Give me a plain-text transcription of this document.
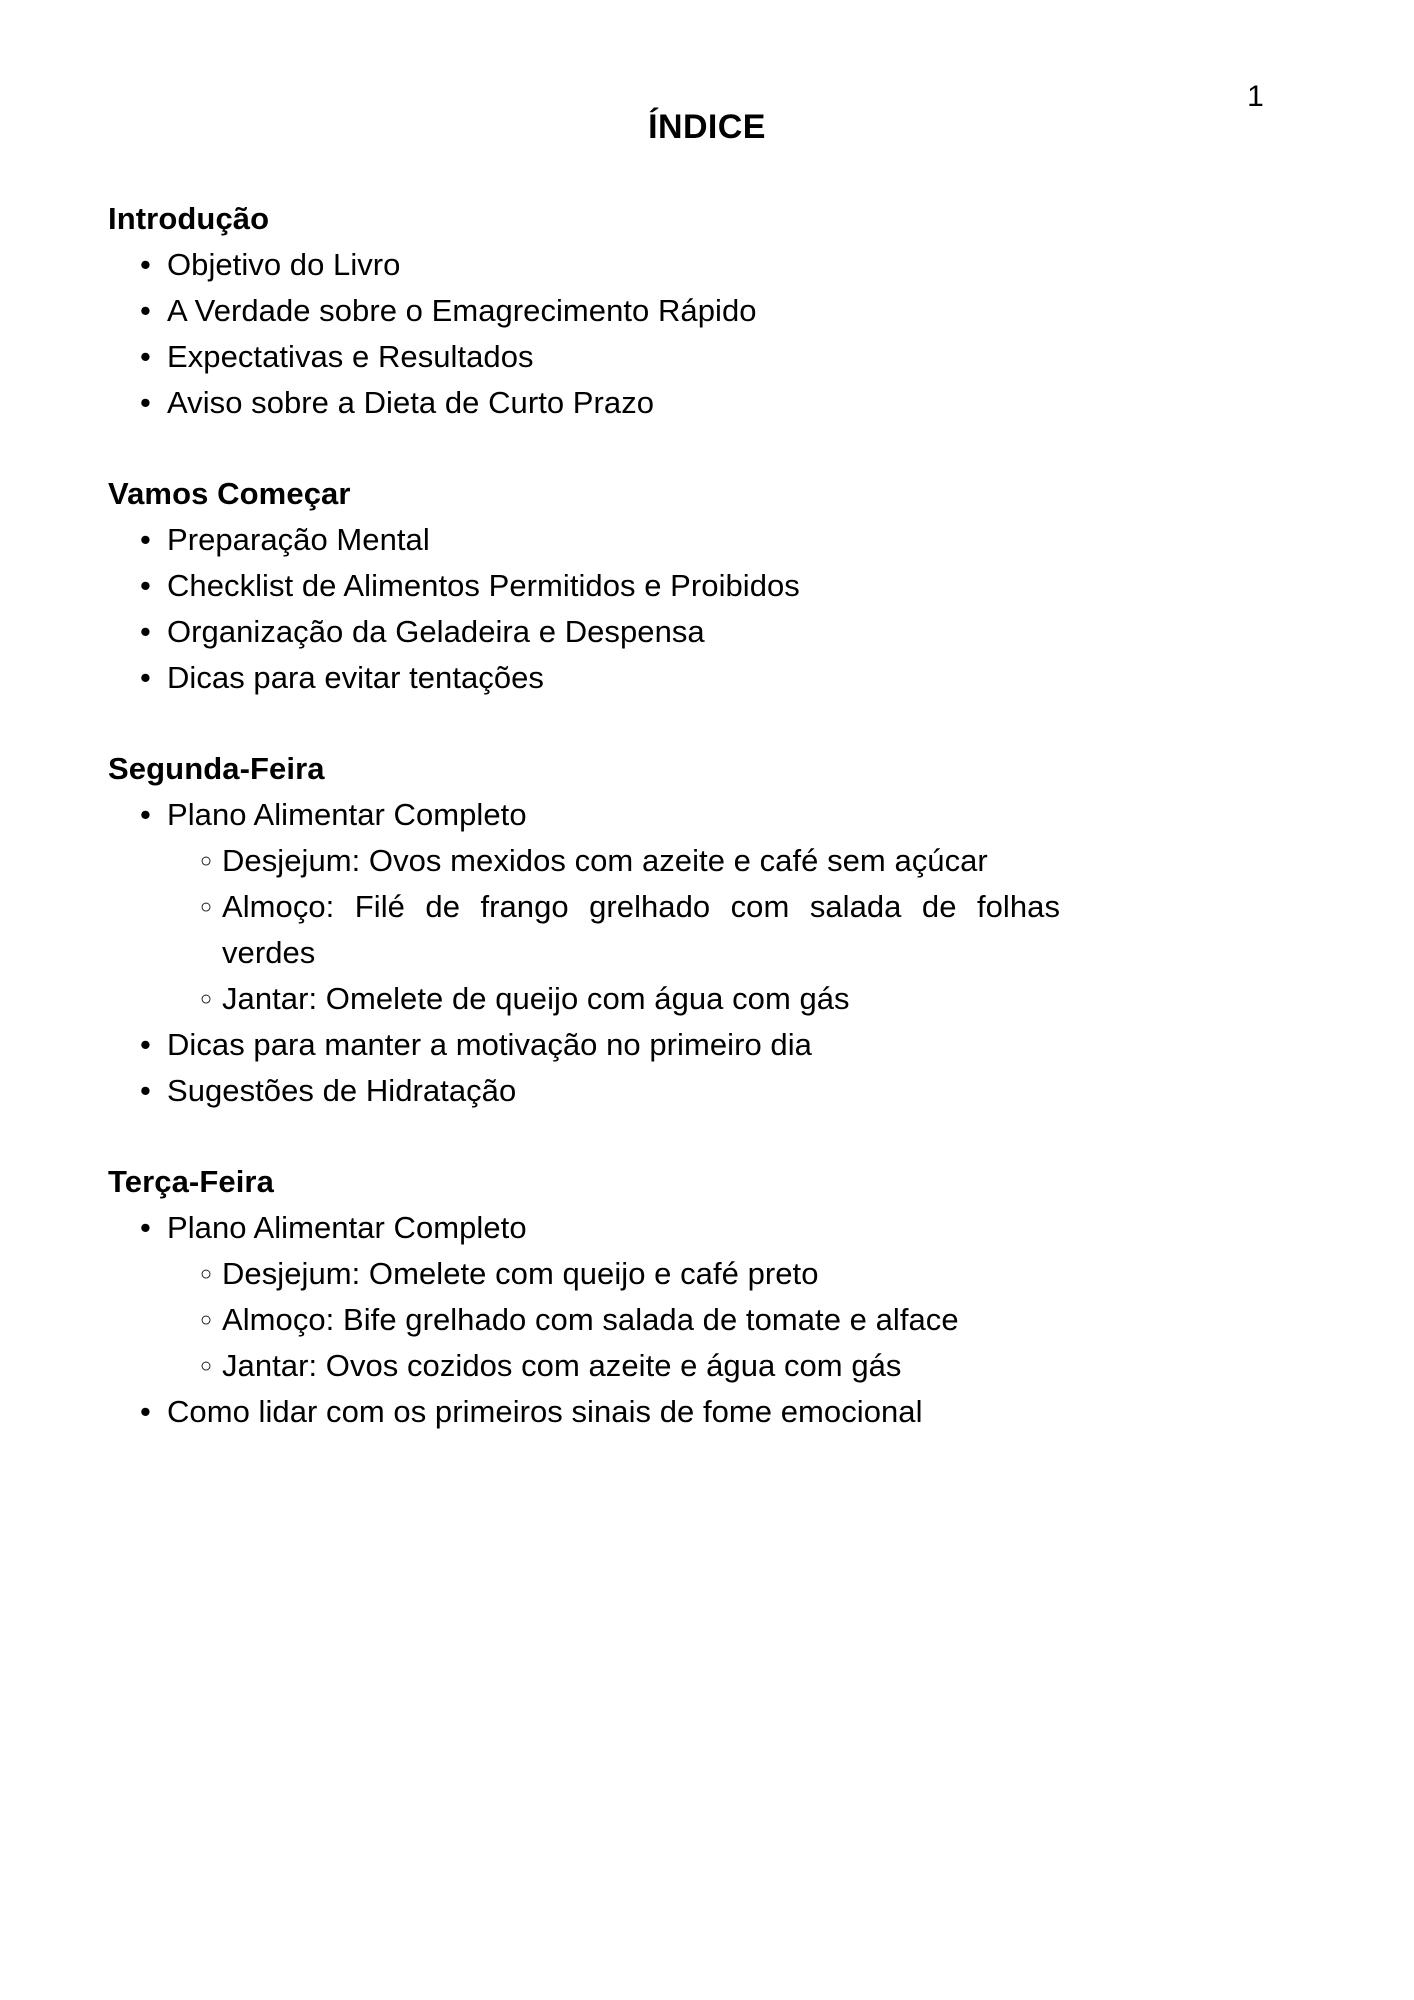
1
ÍNDICE
Introdução
• Objetivo do Livro
• A Verdade sobre o Emagrecimento Rápido
• Expectativas e Resultados
• Aviso sobre a Dieta de Curto Prazo
Vamos Começar
• Preparação Mental
• Checklist de Alimentos Permitidos e Proibidos
• Organização da Geladeira e Despensa
• Dicas para evitar tentações
Segunda-Feira
• Plano Alimentar Completo
○ Desjejum: Ovos mexidos com azeite e café sem açúcar
○ Almoço: Filé de frango grelhado com salada de folhas verdes
○ Jantar: Omelete de queijo com água com gás
• Dicas para manter a motivação no primeiro dia
• Sugestões de Hidratação
Terça-Feira
• Plano Alimentar Completo
○ Desjejum: Omelete com queijo e café preto
○ Almoço: Bife grelhado com salada de tomate e alface
○ Jantar: Ovos cozidos com azeite e água com gás
• Como lidar com os primeiros sinais de fome emocional
